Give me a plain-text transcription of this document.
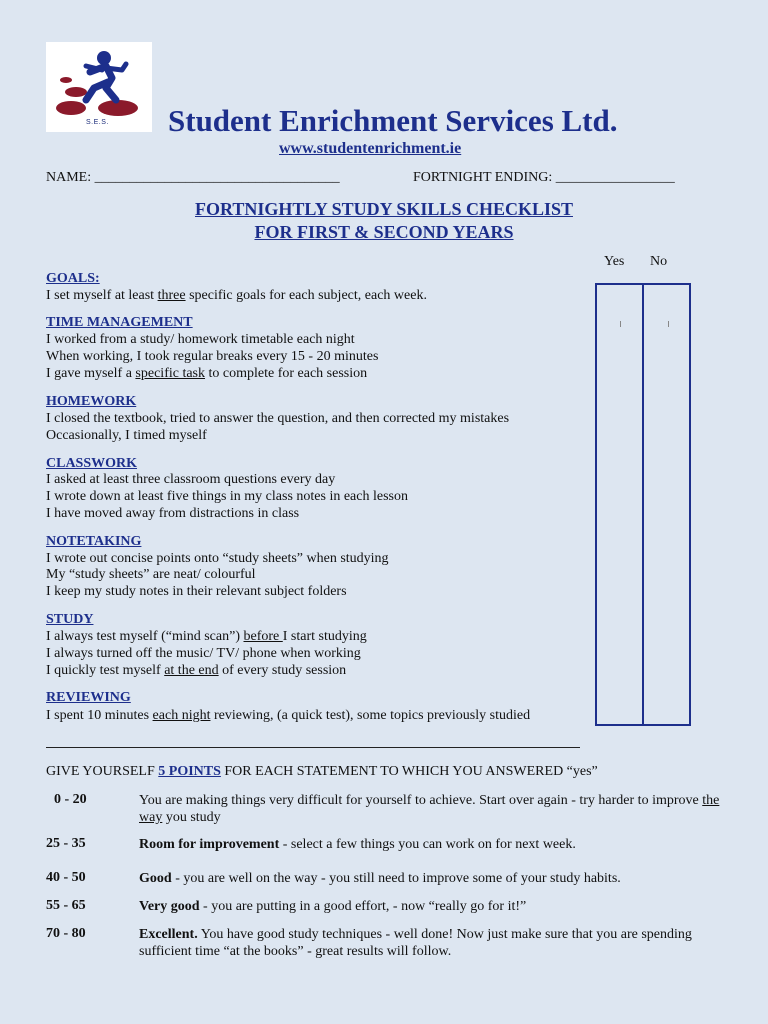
S.E.S. Student Enrichment Services Ltd.
www.studentenrichment.ie
NAME: ___________________________________	FORTNIGHT ENDING: _________________
FORTNIGHTLY STUDY SKILLS CHECKLIST
FOR FIRST & SECOND YEARS
Yes No
GOALS:
I set myself at least three specific goals for each subject, each week.
TIME MANAGEMENT
I worked from a study/ homework timetable each night
When working, I took regular breaks every 15 - 20 minutes
I gave myself a specific task to complete for each session
HOMEWORK
I closed the textbook, tried to answer the question, and then corrected my mistakes
Occasionally, I timed myself
CLASSWORK
I asked at least three classroom questions every day
I wrote down at least five things in my class notes in each lesson
I have moved away from distractions in class
NOTETAKING
I wrote out concise points onto “study sheets” when studying
My “study sheets” are neat/ colourful
I keep my study notes in their relevant subject folders
STUDY
I always test myself (“mind scan”) before I start studying
I always turned off the music/ TV/ phone when working
I quickly test myself at the end of every study session
REVIEWING
I spent 10 minutes each night reviewing, (a quick test), some topics previously studied
GIVE YOURSELF 5 POINTS FOR EACH STATEMENT TO WHICH YOU ANSWERED “yes”
0 - 20	You are making things very difficult for yourself to achieve. Start over again - try harder to improve the way you study
25 - 35	Room for improvement - select a few things you can work on for next week.
40 - 50	Good - you are well on the way - you still need to improve some of your study habits.
55 - 65	Very good - you are putting in a good effort, - now “really go for it!”
70 - 80	Excellent. You have good study techniques - well done! Now just make sure that you are spending sufficient time “at the books” - great results will follow.
